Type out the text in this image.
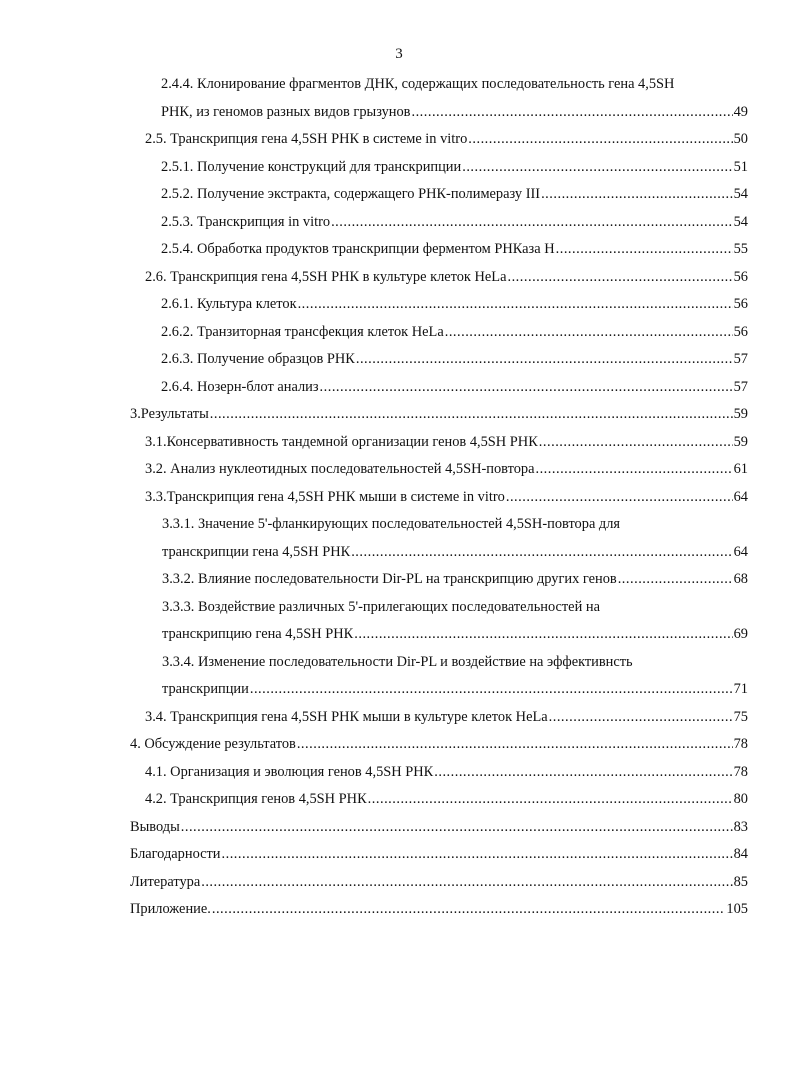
3
2.4.4. Клонирование фрагментов ДНК, содержащих последовательность гена 4,5SH
РНК, из геномов разных видов грызунов .....	49
2.5. Транскрипция гена 4,5SH РНК в системе in vitro .....	50
2.5.1. Получение конструкций для транскрипции .....	51
2.5.2. Получение экстракта, содержащего РНК-полимеразу III .....	54
2.5.3. Транскрипция in vitro .....	54
2.5.4. Обработка продуктов транскрипции ферментом РНКаза Н .....	55
2.6. Транскрипция гена 4,5SH РНК в культуре клеток HeLa .....	56
2.6.1. Культура клеток .....	56
2.6.2. Транзиторная трансфекция клеток HeLa .....	56
2.6.3. Получение образцов РНК .....	57
2.6.4. Нозерн-блот анализ .....	57
3.Результаты .....	59
3.1.Консервативность тандемной организации генов 4,5SH РНК .....	59
3.2. Анализ нуклеотидных последовательностей 4,5SH-повтора .....	61
3.3.Транскрипция гена 4,5SH РНК мыши в системе in vitro .....	64
3.3.1. Значение 5'-фланкирующих последовательностей 4,5SH-повтора для
транскрипции гена 4,5SH РНК .....	64
3.3.2. Влияние последовательности Dir-PL на транскрипцию других генов .....	68
3.3.3. Воздействие различных 5'-прилегающих последовательностей на
транскрипцию гена 4,5SH РНК .....	69
3.3.4. Изменение последовательности Dir-PL и воздействие на эффективнсть
транскрипции .....	71
3.4. Транскрипция гена 4,5SH РНК мыши в культуре клеток HeLa .....	75
4. Обсуждение результатов .....	78
4.1. Организация и эволюция генов 4,5SH РНК .....	78
4.2. Транскрипция генов 4,5SH РНК .....	80
Выводы .....	83
Благодарности .....	84
Литература .....	85
Приложение. .....	105
